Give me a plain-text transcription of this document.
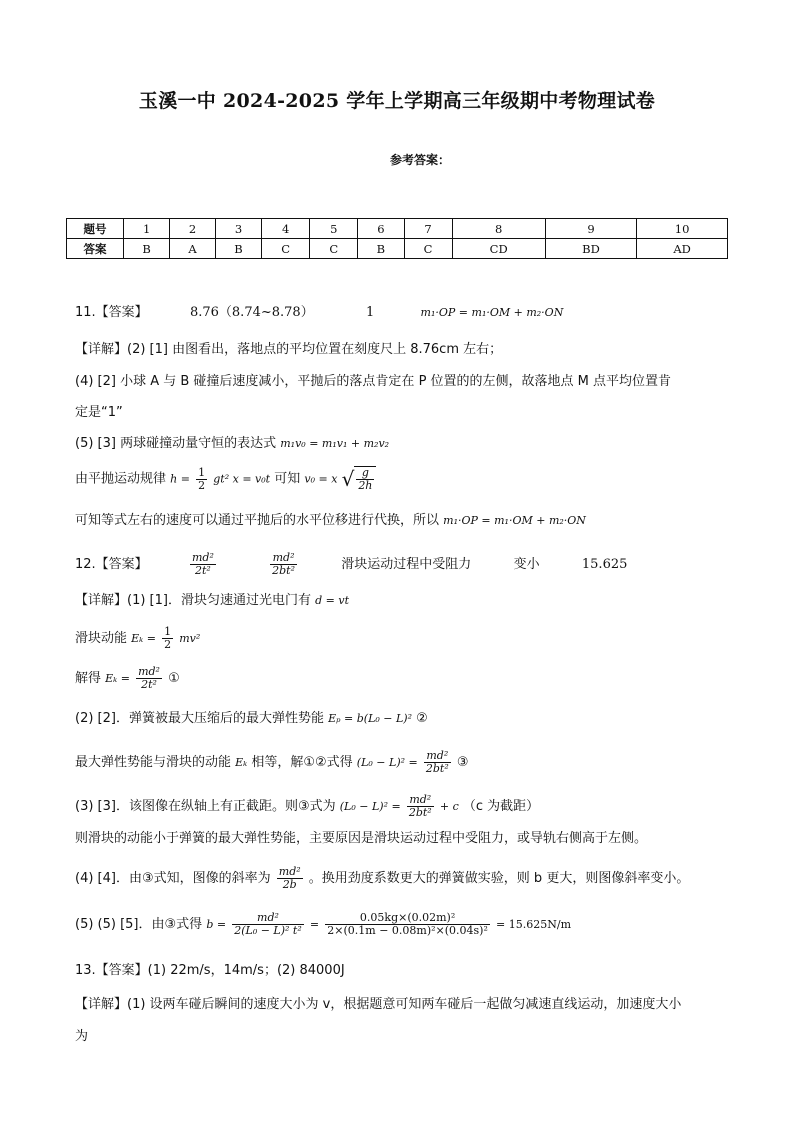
玉溪一中 2024-2025 学年上学期高三年级期中考物理试卷
参考答案：
题号	1	2	3	4	5	6	7	8	9	10
答案	B	A	B	C	C	B	C	CD	BD	AD
11.【答案】	8.76（8.74~8.78）	1	m₁·OP = m₁·OM + m₂·ON
【详解】(2) [1] 由图看出，落地点的平均位置在刻度尺上 8.76cm 左右；
(4) [2] 小球 A 与 B 碰撞后速度减小，平抛后的落点肯定在 P 位置的的左侧，故落地点 M 点平均位置肯
定是“1”
(5) [3] 两球碰撞动量守恒的表达式 m₁v₀ = m₁v₁ + m₂v₂
由平抛运动规律 $h = \frac{1}{2} gt^2$ x = v₀t 可知 v₀ = x √ $\frac{g}{2h}$
可知等式左右的速度可以通过平抛后的水平位移进行代换，所以 m₁·OP = m₁·OM + m₂·ON
12.【答案】	$\frac{\text{md²}}{\text{2t²}}$
	$\frac{\text{md²}}{\text{2bt²}}$	滑块运动过程中受阻力	变小	15.625
【详解】(1) [1]．滑块匀速通过光电门有 d = vt
滑块动能 $E_k = \frac{1}{2} mv^2$
解得 $E_k = \frac{\text{md²}}{\text{2t²}}$ ①
(2) [2]．弹簧被最大压缩后的最大弹性势能 Eₚ = b(L₀ − L)² ②
最大弹性势能与滑块的动能 Eₖ 相等，解①②式得 $(L_0 - L)^2 = \frac{\text{md²}}{\text{2bt²}}$ ③
(3) [3]．该图像在纵轴上有正截距。则③式为 $(L_0 - L)^2 = \frac{\text{md²}}{\text{2bt²}} + c$ （c 为截距）
则滑块的动能小于弹簧的最大弹性势能，主要原因是滑块运动过程中受阻力，或导轨右侧高于左侧。
(4) [4]．由③式知，图像的斜率为 $\frac{\text{md²}}{2b}$ 。换用劲度系数更大的弹簧做实验，则 b 更大，则图像斜率变小。
(5) (5) [5]．由③式得 $b = \frac{\text{md²}}{\text{2(L₀ − L)² t²}} = \frac{\text{0.05kg×(0.02m)²}}{\text{2×(0.1m − 0.08m)²×(0.04s)²}} = 15.625N/m$
13.【答案】(1) 22m/s，14m/s；(2) 84000J
【详解】(1) 设两车碰后瞬间的速度大小为 v，根据题意可知两车碰后一起做匀减速直线运动，加速度大小
为
